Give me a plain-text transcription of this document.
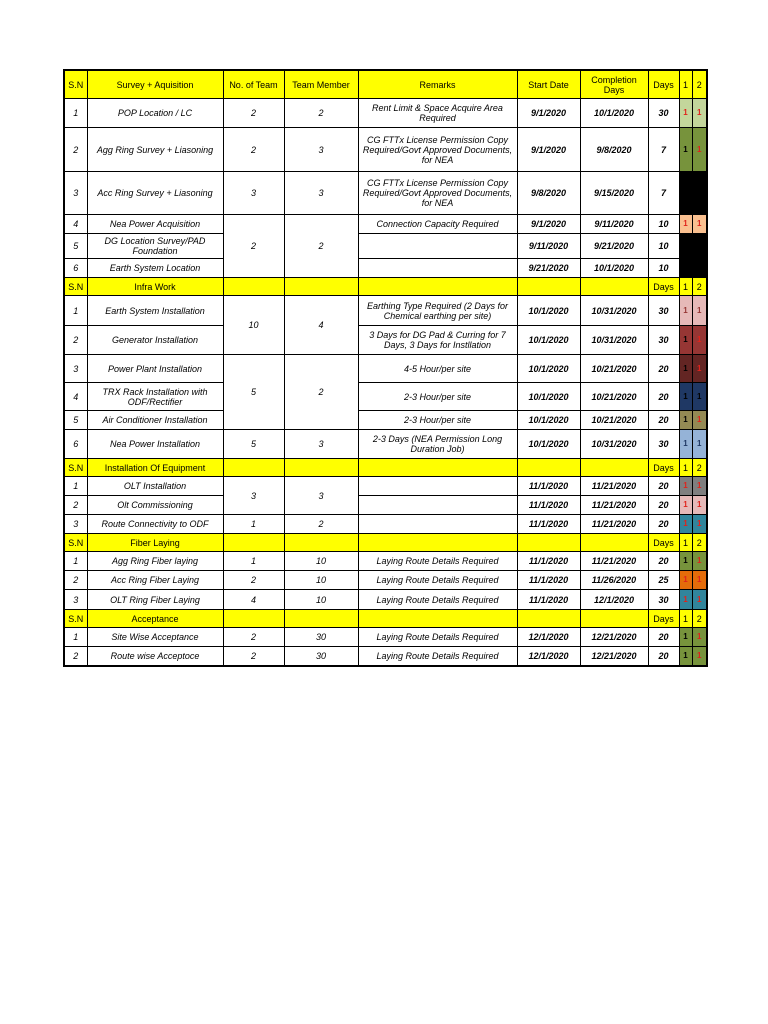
S.N	Survey + Aquisition	No. of Team	Team Member	Remarks	Start Date	Completion Days	Days	1	2
1	POP Location / LC	2	2	Rent Limit & Space Acquire Area Required	9/1/2020	10/1/2020	30	1	1
2	Agg Ring Survey + Liasoning	2	3	CG FTTx License Permission Copy Required/Govt Approved Documents, for NEA	9/1/2020	9/8/2020	7	1	1
3	Acc Ring Survey + Liasoning	3	3	CG FTTx License Permission Copy Required/Govt Approved Documents, for NEA	9/8/2020	9/15/2020	7		
4	Nea Power Acquisition	2	2	Connection Capacity Required	9/1/2020	9/11/2020	10	1	1
5	DG Location Survey/PAD Foundation				9/11/2020	9/21/2020	10		
6	Earth System Location				9/21/2020	10/1/2020	10		
S.N	Infra Work						Days	1	2
1	Earth System Installation	10	4	Earthing Type Required (2 Days for Chemical earthing per site)	10/1/2020	10/31/2020	30	1	1
2	Generator Installation			3 Days for DG Pad & Curring for 7 Days, 3 Days for Instllation	10/1/2020	10/31/2020	30	1	1
3	Power Plant Installation	5	2	4-5 Hour/per site	10/1/2020	10/21/2020	20	1	1
4	TRX Rack Installation with ODF/Rectifier			2-3 Hour/per site	10/1/2020	10/21/2020	20	1	1
5	Air Conditioner Installation			2-3 Hour/per site	10/1/2020	10/21/2020	20	1	1
6	Nea Power Installation	5	3	2-3 Days (NEA Permission Long Duration Job)	10/1/2020	10/31/2020	30	1	1
S.N	Installation Of Equipment						Days	1	2
1	OLT Installation	3	3		11/1/2020	11/21/2020	20	1	1
2	Olt Commissioning				11/1/2020	11/21/2020	20	1	1
3	Route Connectivity to ODF	1	2		11/1/2020	11/21/2020	20	1	1
S.N	Fiber Laying						Days	1	2
1	Agg Ring Fiber laying	1	10	Laying Route Details Required	11/1/2020	11/21/2020	20	1	1
2	Acc Ring Fiber Laying	2	10	Laying Route Details Required	11/1/2020	11/26/2020	25	1	1
3	OLT Ring Fiber Laying	4	10	Laying Route Details Required	11/1/2020	12/1/2020	30	1	1
S.N	Acceptance						Days	1	2
1	Site Wise Acceptance	2	30	Laying Route Details Required	12/1/2020	12/21/2020	20	1	1
2	Route wise Acceptoce	2	30	Laying Route Details Required	12/1/2020	12/21/2020	20	1	1
